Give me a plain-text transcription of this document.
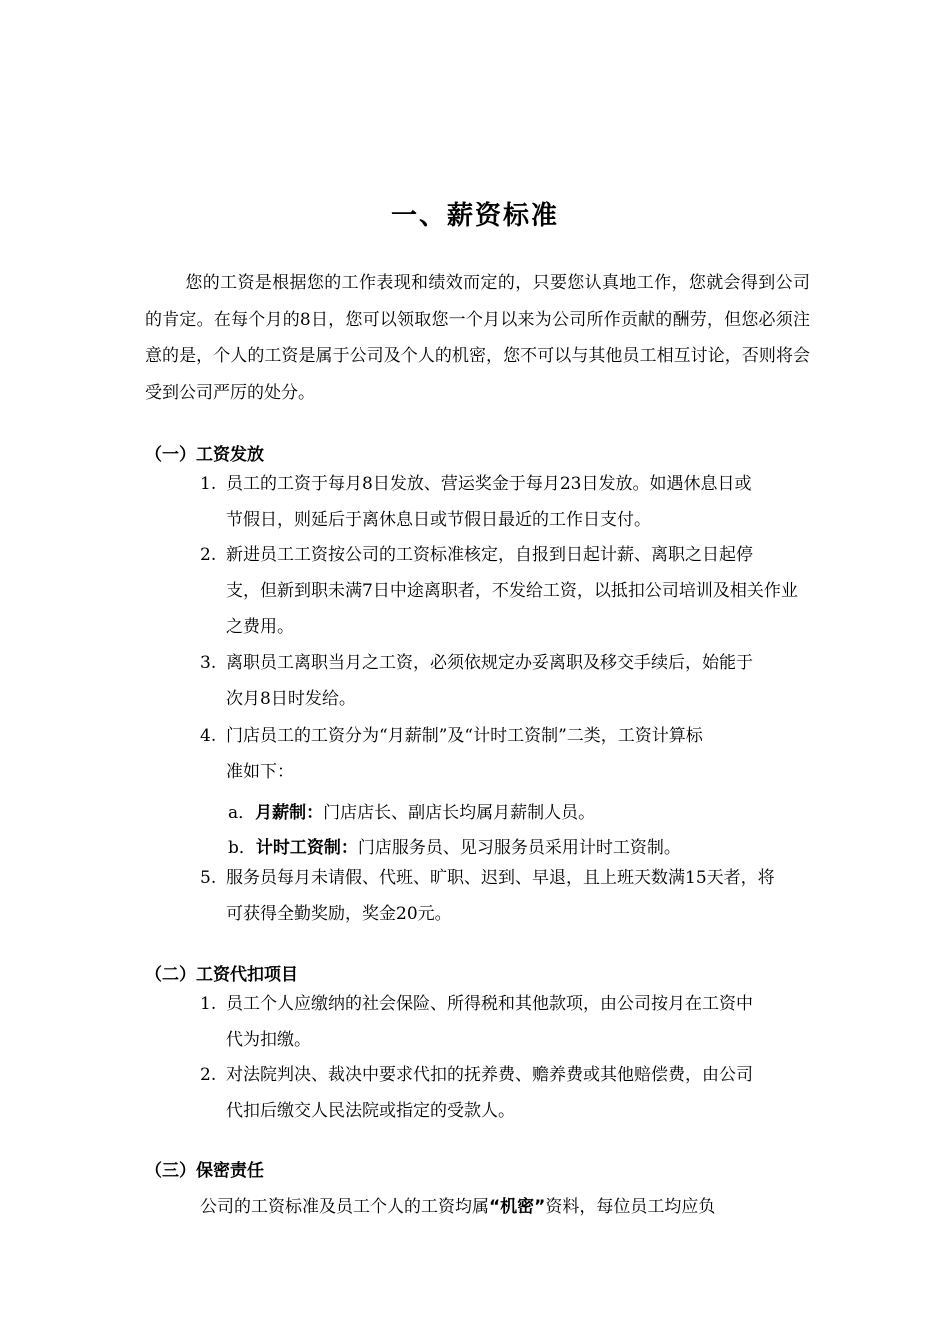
一、薪资标准
您的工资是根据您的工作表现和绩效而定的，只要您认真地工作，您就会得到公司的肯定。在每个月的8日，您可以领取您一个月以来为公司所作贡献的酬劳，但您必须注意的是，个人的工资是属于公司及个人的机密，您不可以与其他员工相互讨论，否则将会受到公司严厉的处分。
（一）工资发放
1. 员工的工资于每月8日发放、营运奖金于每月23日发放。如遇休息日或
节假日，则延后于离休息日或节假日最近的工作日支付。
2. 新进员工工资按公司的工资标准核定，自报到日起计薪、离职之日起停
支，但新到职未满7日中途离职者，不发给工资，以抵扣公司培训及相关作业之费用。
3. 离职员工离职当月之工资，必须依规定办妥离职及移交手续后，始能于
次月8日时发给。
4. 门店员工的工资分为“月薪制”及“计时工资制”二类，工资计算标
准如下：
a．月薪制：门店店长、副店长均属月薪制人员。
b．计时工资制：门店服务员、见习服务员采用计时工资制。
5. 服务员每月未请假、代班、旷职、迟到、早退，且上班天数满15天者，将
可获得全勤奖励，奖金20元。
（二）工资代扣项目
1. 员工个人应缴纳的社会保险、所得税和其他款项，由公司按月在工资中
代为扣缴。
2. 对法院判决、裁决中要求代扣的抚养费、赡养费或其他赔偿费，由公司
代扣后缴交人民法院或指定的受款人。
（三）保密责任
公司的工资标准及员工个人的工资均属“机密”资料，每位员工均应负
